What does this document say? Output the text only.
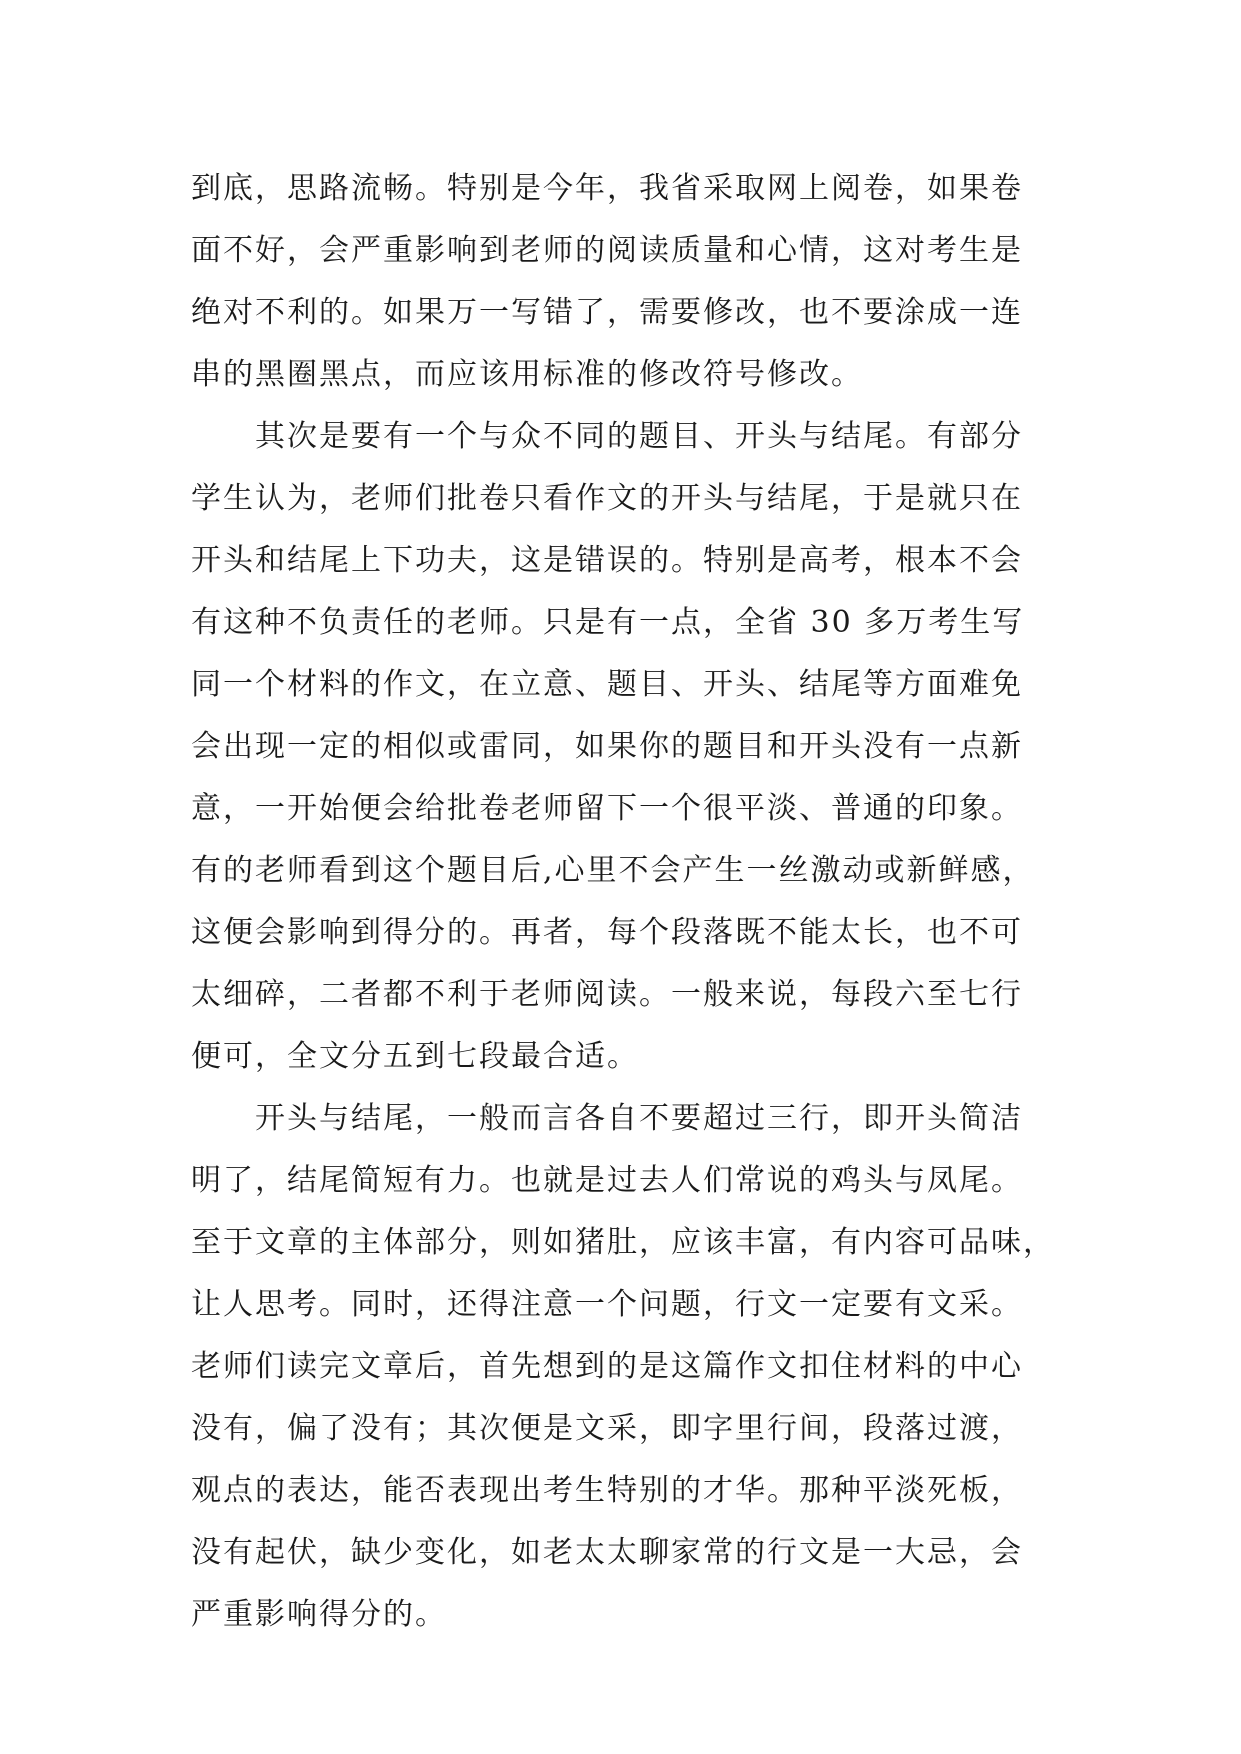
到底，思路流畅。特别是今年，我省采取网上阅卷，如果卷
面不好，会严重影响到老师的阅读质量和心情，这对考生是
绝对不利的。如果万一写错了，需要修改，也不要涂成一连
串的黑圈黑点，而应该用标准的修改符号修改。
其次是要有一个与众不同的题目、开头与结尾。有部分
学生认为，老师们批卷只看作文的开头与结尾，于是就只在
开头和结尾上下功夫，这是错误的。特别是高考，根本不会
有这种不负责任的老师。只是有一点，全省 30 多万考生写
同一个材料的作文，在立意、题目、开头、结尾等方面难免
会出现一定的相似或雷同，如果你的题目和开头没有一点新
意，一开始便会给批卷老师留下一个很平淡、普通的印象。
有的老师看到这个题目后,心里不会产生一丝激动或新鲜感，
这便会影响到得分的。再者，每个段落既不能太长，也不可
太细碎，二者都不利于老师阅读。一般来说，每段六至七行
便可，全文分五到七段最合适。
开头与结尾，一般而言各自不要超过三行，即开头简洁
明了，结尾简短有力。也就是过去人们常说的鸡头与凤尾。
至于文章的主体部分，则如猪肚，应该丰富，有内容可品味，
让人思考。同时，还得注意一个问题，行文一定要有文采。
老师们读完文章后，首先想到的是这篇作文扣住材料的中心
没有，偏了没有；其次便是文采，即字里行间，段落过渡，
观点的表达，能否表现出考生特别的才华。那种平淡死板，
没有起伏，缺少变化，如老太太聊家常的行文是一大忌，会
严重影响得分的。
